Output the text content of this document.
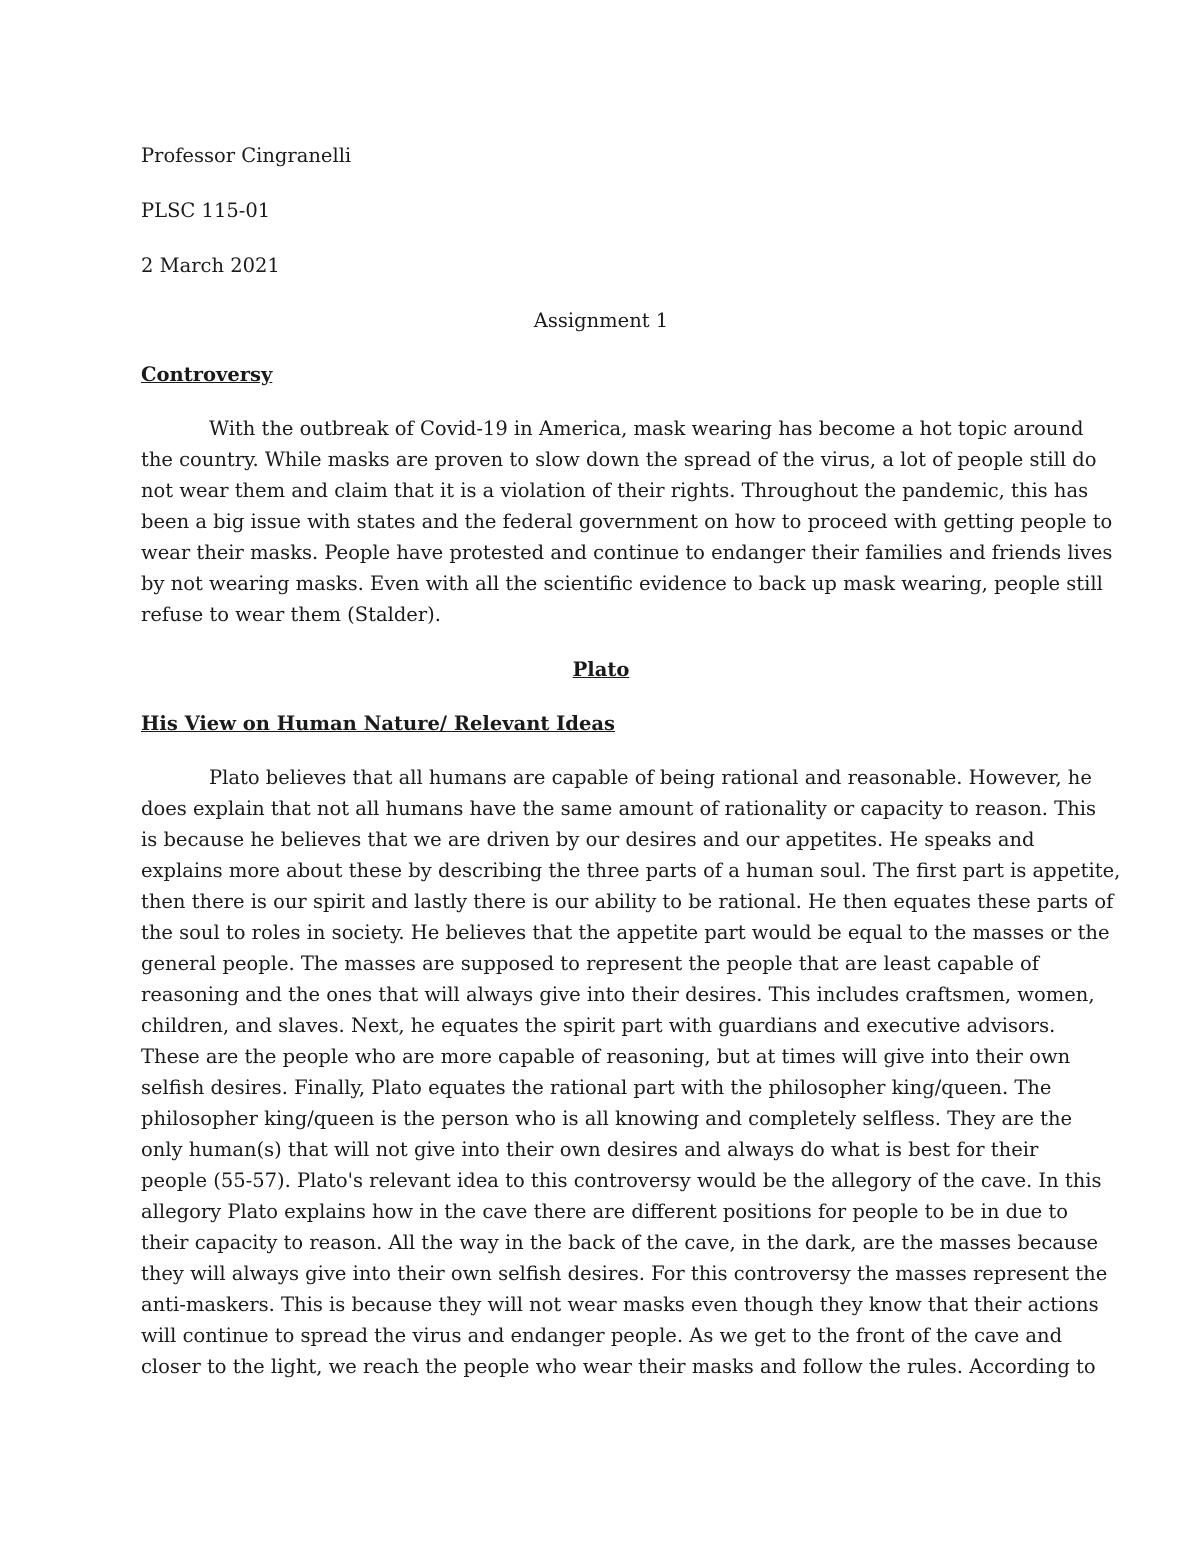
Professor Cingranelli
PLSC 115-01
2 March 2021
Assignment 1
Controversy
With the outbreak of Covid-19 in America, mask wearing has become a hot topic around
the country. While masks are proven to slow down the spread of the virus, a lot of people still do
not wear them and claim that it is a violation of their rights. Throughout the pandemic, this has
been a big issue with states and the federal government on how to proceed with getting people to
wear their masks. People have protested and continue to endanger their families and friends lives
by not wearing masks. Even with all the scientific evidence to back up mask wearing, people still
refuse to wear them (Stalder).
Plato
His View on Human Nature/ Relevant Ideas
Plato believes that all humans are capable of being rational and reasonable. However, he
does explain that not all humans have the same amount of rationality or capacity to reason. This
is because he believes that we are driven by our desires and our appetites. He speaks and
explains more about these by describing the three parts of a human soul. The first part is appetite,
then there is our spirit and lastly there is our ability to be rational. He then equates these parts of
the soul to roles in society. He believes that the appetite part would be equal to the masses or the
general people. The masses are supposed to represent the people that are least capable of
reasoning and the ones that will always give into their desires. This includes craftsmen, women,
children, and slaves. Next, he equates the spirit part with guardians and executive advisors.
These are the people who are more capable of reasoning, but at times will give into their own
selfish desires. Finally, Plato equates the rational part with the philosopher king/queen. The
philosopher king/queen is the person who is all knowing and completely selfless. They are the
only human(s) that will not give into their own desires and always do what is best for their
people (55-57). Plato's relevant idea to this controversy would be the allegory of the cave. In this
allegory Plato explains how in the cave there are different positions for people to be in due to
their capacity to reason. All the way in the back of the cave, in the dark, are the masses because
they will always give into their own selfish desires. For this controversy the masses represent the
anti-maskers. This is because they will not wear masks even though they know that their actions
will continue to spread the virus and endanger people. As we get to the front of the cave and
closer to the light, we reach the people who wear their masks and follow the rules. According to
